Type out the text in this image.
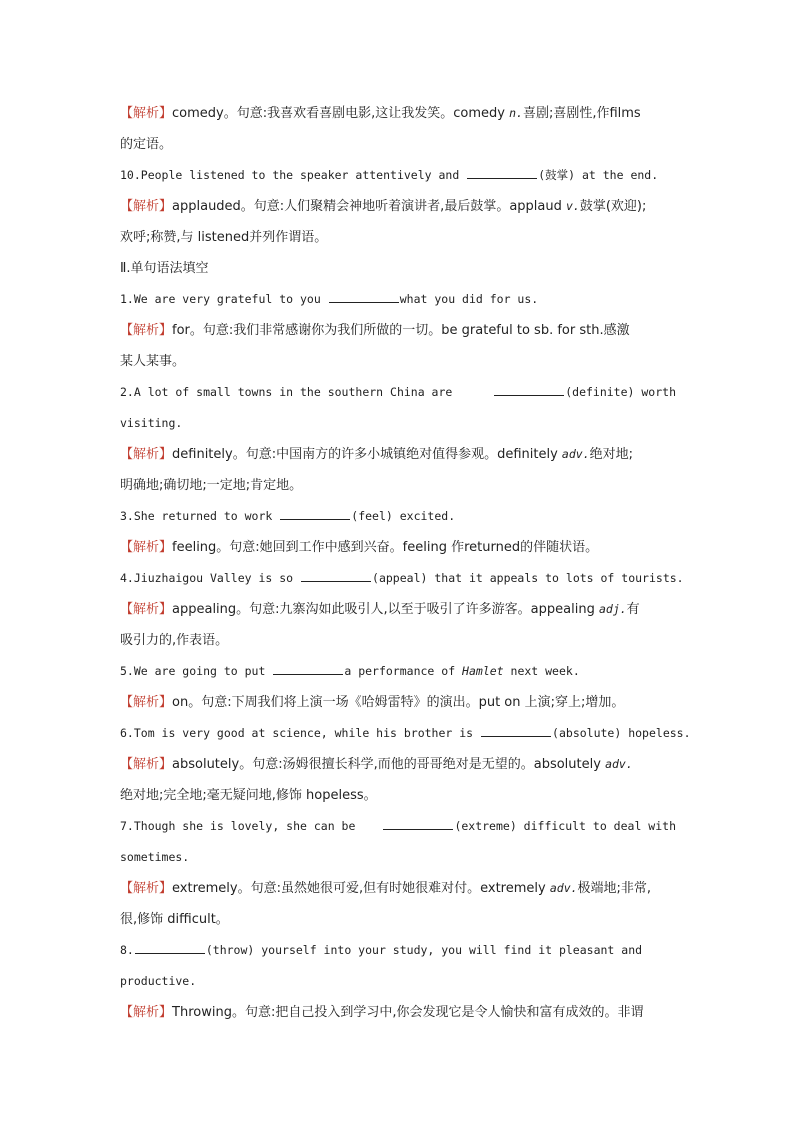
【解析】comedy。句意:我喜欢看喜剧电影,这让我发笑。comedy n.喜剧;喜剧性,作films
的定语。
10.People listened to the speaker attentively and	(鼓掌) at the end.
【解析】applauded。句意:人们聚精会神地听着演讲者,最后鼓掌。applaud v.鼓掌(欢迎);
欢呼;称赞,与 listened并列作谓语。
Ⅱ.单句语法填空
1.We are very grateful to you	what you did for us.
【解析】for。句意:我们非常感谢你为我们所做的一切。be grateful to sb. for sth.感激
某人某事。
2.A lot of small towns in the southern China are	(definite) worth
visiting.
【解析】definitely。句意:中国南方的许多小城镇绝对值得参观。definitely adv.绝对地;
明确地;确切地;一定地;肯定地。
3.She returned to work	(feel) excited.
【解析】feeling。句意:她回到工作中感到兴奋。feeling 作returned的伴随状语。
4.Jiuzhaigou Valley is so	(appeal) that it appeals to lots of tourists.
【解析】appealing。句意:九寨沟如此吸引人,以至于吸引了许多游客。appealing adj.有
吸引力的,作表语。
5.We are going to put	a performance of Hamlet next week.
【解析】on。句意:下周我们将上演一场《哈姆雷特》的演出。put on 上演;穿上;增加。
6.Tom is very good at science, while his brother is	(absolute) hopeless.
【解析】absolutely。句意:汤姆很擅长科学,而他的哥哥绝对是无望的。absolutely adv.
绝对地;完全地;毫无疑问地,修饰 hopeless。
7.Though she is lovely, she can be	(extreme) difficult to deal with
sometimes.
【解析】extremely。句意:虽然她很可爱,但有时她很难对付。extremely adv.极端地;非常,
很,修饰 difficult。
8.	(throw) yourself into your study, you will find it pleasant and
productive.
【解析】Throwing。句意:把自己投入到学习中,你会发现它是令人愉快和富有成效的。非谓
